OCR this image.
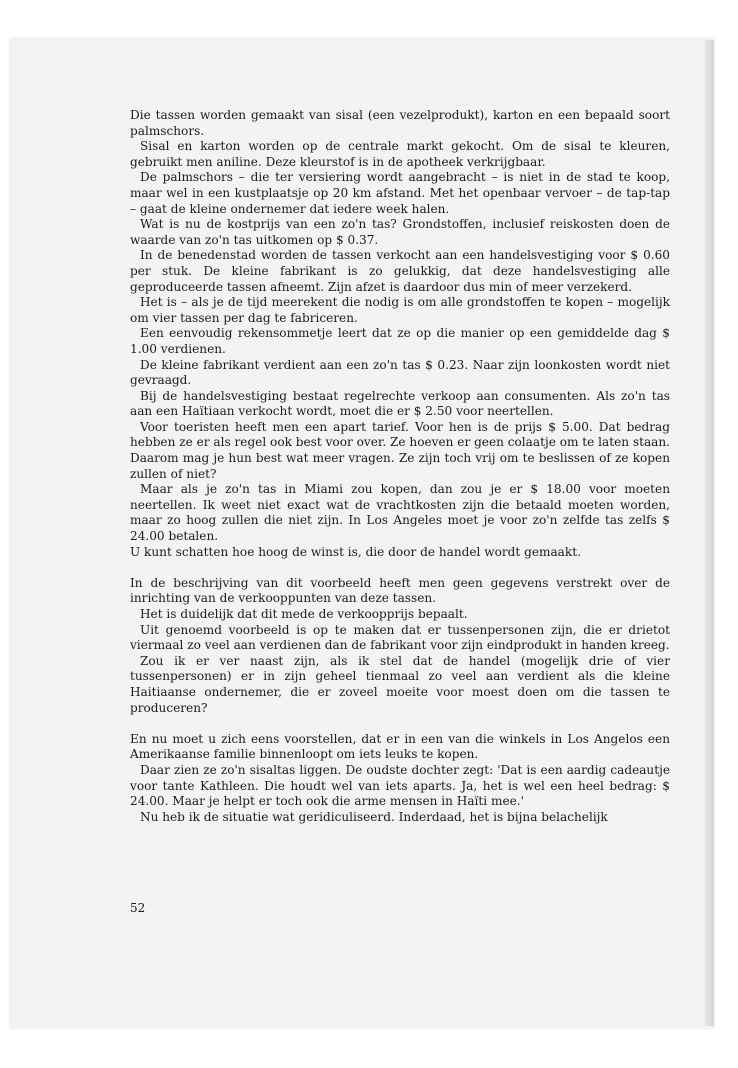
Die tassen worden gemaakt van sisal (een vezelprodukt), karton en een bepaald soort palmschors.

Sisal en karton worden op de centrale markt gekocht. Om de sisal te kleuren, gebruikt men aniline. Deze kleurstof is in de apotheek verkrijgbaar.

De palmschors – die ter versiering wordt aangebracht – is niet in de stad te koop, maar wel in een kustplaatsje op 20 km afstand. Met het openbaar vervoer – de tap-tap – gaat de kleine ondernemer dat iedere week halen.

Wat is nu de kostprijs van een zo'n tas? Grondstoffen, inclusief reiskosten doen de waarde van zo'n tas uitkomen op $ 0.37.

In de benedenstad worden de tassen verkocht aan een handelsvestiging voor $ 0.60 per stuk. De kleine fabrikant is zo gelukkig, dat deze handelsvestiging alle geproduceerde tassen afneemt. Zijn afzet is daardoor dus min of meer verzekerd.

Het is – als je de tijd meerekent die nodig is om alle grondstoffen te kopen – mogelijk om vier tassen per dag te fabriceren.

Een eenvoudig rekensommetje leert dat ze op die manier op een gemiddelde dag $ 1.00 verdienen.

De kleine fabrikant verdient aan een zo'n tas $ 0.23. Naar zijn loonkosten wordt niet gevraagd.

Bij de handelsvestiging bestaat regelrechte verkoop aan consumenten. Als zo'n tas aan een Haïtiaan verkocht wordt, moet die er $ 2.50 voor neertellen.

Voor toeristen heeft men een apart tarief. Voor hen is de prijs $ 5.00. Dat bedrag hebben ze er als regel ook best voor over. Ze hoeven er geen colaatje om te laten staan. Daarom mag je hun best wat meer vragen. Ze zijn toch vrij om te beslissen of ze kopen zullen of niet?

Maar als je zo'n tas in Miami zou kopen, dan zou je er $ 18.00 voor moeten neertellen. Ik weet niet exact wat de vrachtkosten zijn die betaald moeten worden, maar zo hoog zullen die niet zijn. In Los Angeles moet je voor zo'n zelfde tas zelfs $ 24.00 betalen.

U kunt schatten hoe hoog de winst is, die door de handel wordt gemaakt.

In de beschrijving van dit voorbeeld heeft men geen gegevens verstrekt over de inrichting van de verkooppunten van deze tassen.

Het is duidelijk dat dit mede de verkoopprijs bepaalt.

Uit genoemd voorbeeld is op te maken dat er tussenpersonen zijn, die er drietot viermaal zo veel aan verdienen dan de fabrikant voor zijn eindprodukt in handen kreeg.

Zou ik er ver naast zijn, als ik stel dat de handel (mogelijk drie of vier tussenpersonen) er in zijn geheel tienmaal zo veel aan verdient als die kleine Haitiaanse ondernemer, die er zoveel moeite voor moest doen om die tassen te produceren?

En nu moet u zich eens voorstellen, dat er in een van die winkels in Los Angelos een Amerikaanse familie binnenloopt om iets leuks te kopen.

Daar zien ze zo'n sisaltas liggen. De oudste dochter zegt: 'Dat is een aardig cadeautje voor tante Kathleen. Die houdt wel van iets aparts. Ja, het is wel een heel bedrag: $ 24.00. Maar je helpt er toch ook die arme mensen in Haïti mee.'

Nu heb ik de situatie wat geridiculiseerd. Inderdaad, het is bijna belachelijk

52
